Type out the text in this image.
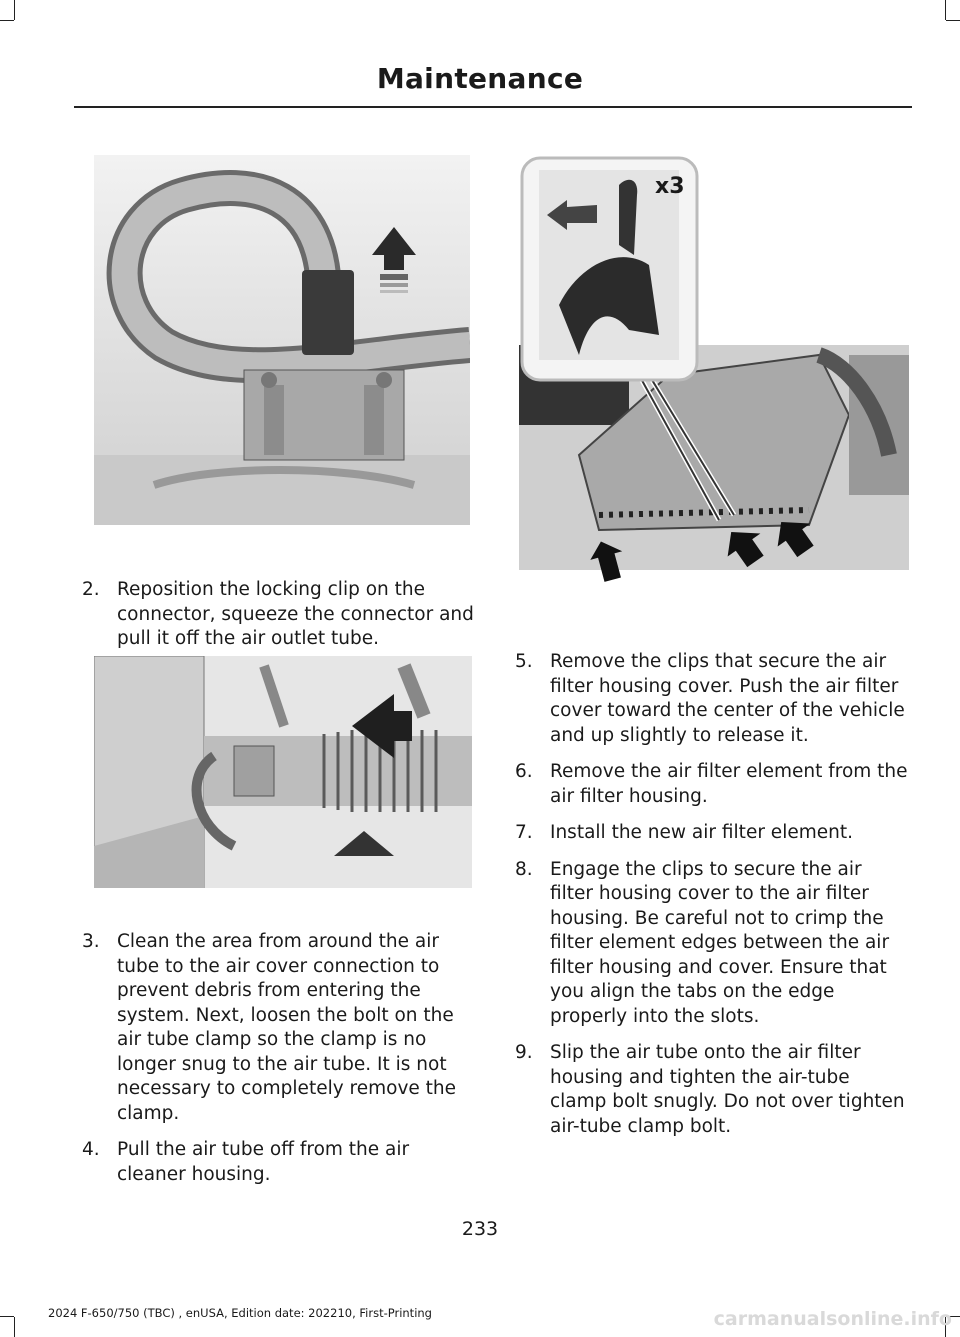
Maintenance
x3
2. Reposition the locking clip on the connector, squeeze the connector and pull it off the air outlet tube.
3. Clean the area from around the air tube to the air cover connection to prevent debris from entering the system. Next, loosen the bolt on the air tube clamp so the clamp is no longer snug to the air tube. It is not necessary to completely remove the clamp.
4. Pull the air tube off from the air cleaner housing.
5. Remove the clips that secure the air filter housing cover. Push the air filter cover toward the center of the vehicle and up slightly to release it.
6. Remove the air filter element from the air filter housing.
7. Install the new air filter element.
8. Engage the clips to secure the air filter housing cover to the air filter housing. Be careful not to crimp the filter element edges between the air filter housing and cover. Ensure that you align the tabs on the edge properly into the slots.
9. Slip the air tube onto the air filter housing and tighten the air-tube clamp bolt snugly. Do not over tighten air-tube clamp bolt.
233
2024 F-650/750 (TBC) , enUSA, Edition date: 202210, First-Printing	carmanualsonline.info
